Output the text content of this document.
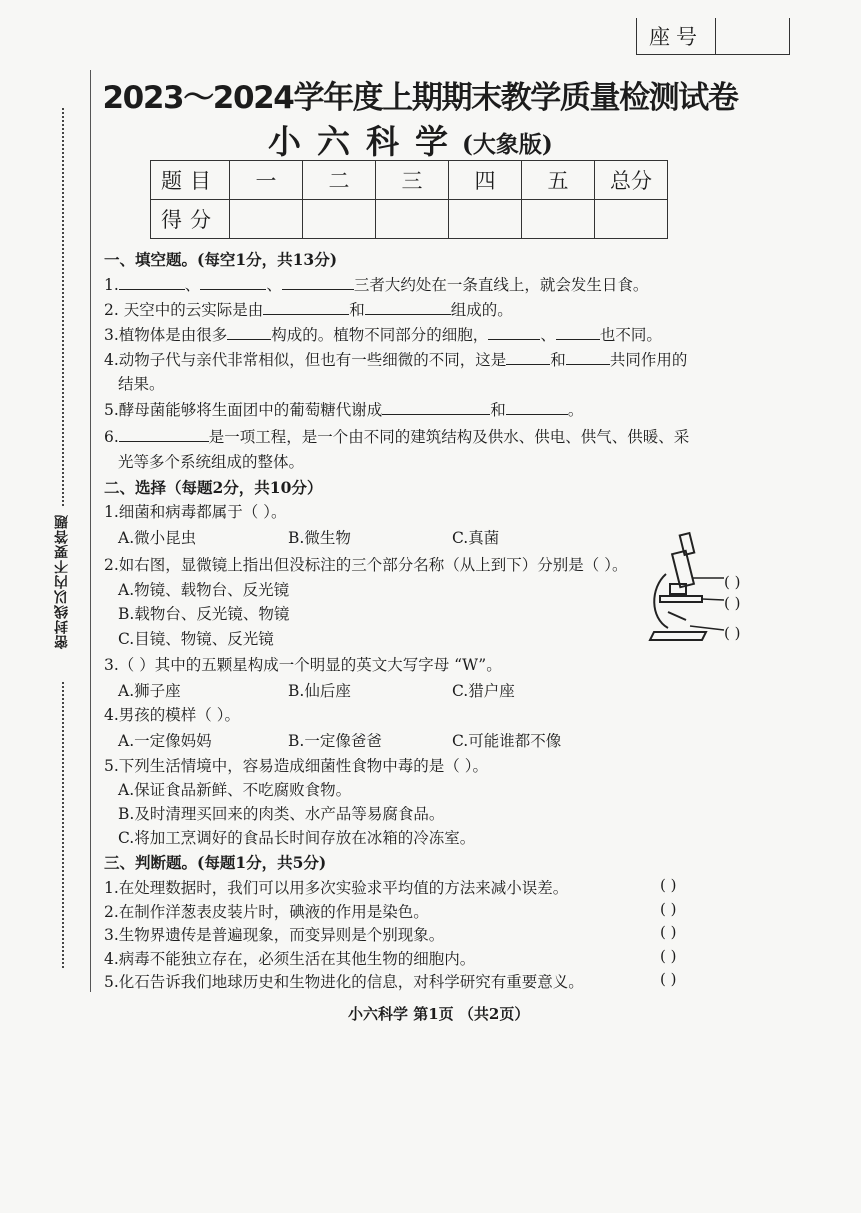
座号
密封线以内不要答题
2023～2024学年度上期期末教学质量检测试卷
小六科学
(大象版)
题目	一	二	三	四	五	总分
得分						
一、填空题。(每空1分，共13分)
1.	、	、	三者大约处在一条直线上，就会发生日食。
2. 天空中的云实际是由	和	组成的。
3.植物体是由很多	构成的。植物不同部分的细胞，	、	也不同。
4.动物子代与亲代非常相似，但也有一些细微的不同，这是	和	共同作用的
结果。
5.酵母菌能够将生面团中的葡萄糖代谢成	和	。
6.	是一项工程，是一个由不同的建筑结构及供水、供电、供气、供暖、采
光等多个系统组成的整体。
二、选择（每题2分，共10分）
1.细菌和病毒都属于（ ）。
A.微小昆虫	B.微生物	C.真菌
2.如右图，显微镜上指出但没标注的三个部分名称（从上到下）分别是（ ）。
A.物镜、载物台、反光镜
B.载物台、反光镜、物镜
C.目镜、物镜、反光镜
( )
( )
( )
3.（ ）其中的五颗星构成一个明显的英文大写字母 “W”。
A.狮子座	B.仙后座	C.猎户座
4.男孩的模样（ ）。
A.一定像妈妈	B.一定像爸爸	C.可能谁都不像
5.下列生活情境中，容易造成细菌性食物中毒的是（ ）。
A.保证食品新鲜、不吃腐败食物。
B.及时清理买回来的肉类、水产品等易腐食品。
C.将加工烹调好的食品长时间存放在冰箱的冷冻室。
三、判断题。(每题1分，共5分)
1.在处理数据时，我们可以用多次实验求平均值的方法来减小误差。	( )
2.在制作洋葱表皮装片时，碘液的作用是染色。	( )
3.生物界遗传是普遍现象，而变异则是个别现象。	( )
4.病毒不能独立存在，必须生活在其他生物的细胞内。	( )
5.化石告诉我们地球历史和生物进化的信息，对科学研究有重要意义。	( )
小六科学 第1页 （共2页）
